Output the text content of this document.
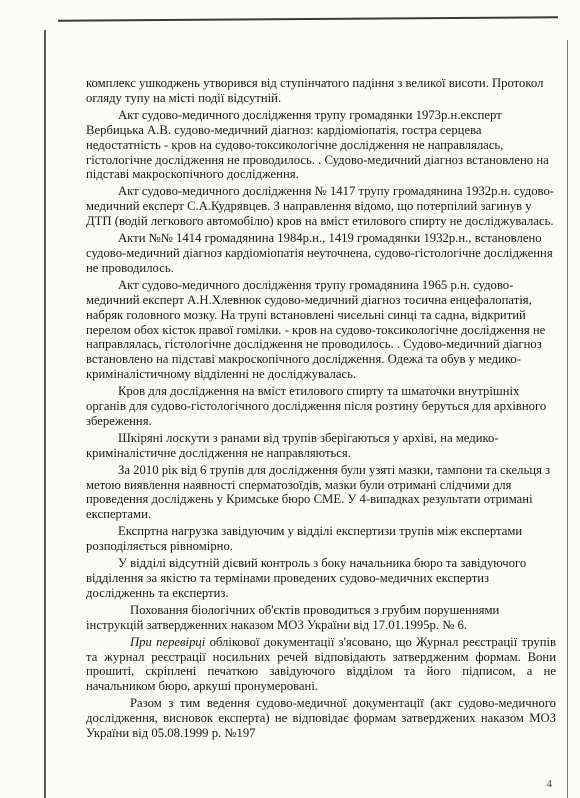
комплекс ушкоджень утворився від ступінчатого падіння з великої висоти. Протокол огляду тупу на місті події відсутній.

Акт судово-медичного дослідження трупу громадянки 1973р.н.експерт Вербицька А.В. судово-медичний діагноз: кардіоміопатія, гостра серцева недостатність - кров на судово-токсикологічне дослідження не направлялась, гістологічне дослідження не проводилось. . Судово-медичний діагноз встановлено на підставі макроскопічного дослідження.

Акт судово-медичного дослідження № 1417 трупу громадянина 1932р.н. судово-медичний експерт С.А.Кудрявцев. З направлення відомо, що потерпілий загинув у ДТП (водій легкового автомобілю) кров на вміст етилового спирту не досліджувалась.

Акти №№ 1414 громадянина 1984р.н., 1419 громадянки 1932р.н., встановлено судово-медичний діагноз кардіоміопатія неуточнена, судово-гістологічне дослідження не проводилось.

Акт судово-медичного дослідження трупу громадянина 1965 р.н. судово-медичний експерт А.Н.Хлевнюк судово-медичний діагноз тосична енцефалопатія, набряк головного мозку. На трупі встановлені чисельні синці та садна, відкритий перелом обох кісток правої гомілки. - кров на судово-токсикологічне дослідження не направлялась, гістологічне дослідження не проводилось. . Судово-медичний діагноз встановлено на підставі макроскопічного дослідження. Одежа та обув у медико-криміналістичному відділенні не досліджувалась.

Кров для дослідження на вміст етилового спирту та шматочки внутрішніх органів для судово-гістологічного дослідження після розтину беруться для архівного збереження.

Шкіряні лоскути з ранами від трупів зберігаються у архіві, на медико-криміналістичне дослідження не направляються.

За 2010 рік від 6 трупів для дослідження були узяті мазки, тампони та скельця з метою виявлення наявності сперматозоїдів, мазки були отримані слідчими для проведення досліджень у Кримське бюро СМЕ. У 4-випадках результати отримані експертами.

Експртна нагрузка завідуючим у відділі експертизи трупів між експертами розподіляється рівномірно.

У відділі відсутній дієвий контроль з боку начальника бюро та завідуючого відділення за якістю та термінами проведених судово-медичних експертиз дослідженнь та експертиз.

Поховання біологічних об'єктів проводиться з грубим порушеннями інструкцій затвердженних наказом МОЗ України від 17.01.1995р. № 6.

При перевірці облікової документації з'ясовано, що Журнал реєстрації трупів та журнал реєстрації носильних речей відповідають затвердженим формам. Вони прошиті, скріплені печаткою завідуючого відділом та його підписом, а не начальником бюро, аркуші пронумеровані.

Разом з тим ведення судово-медичної документації (акт судово-медичного дослідження, висновок експерта) не відповідає формам затверджених наказом МОЗ України від 05.08.1999 р. №197

4
